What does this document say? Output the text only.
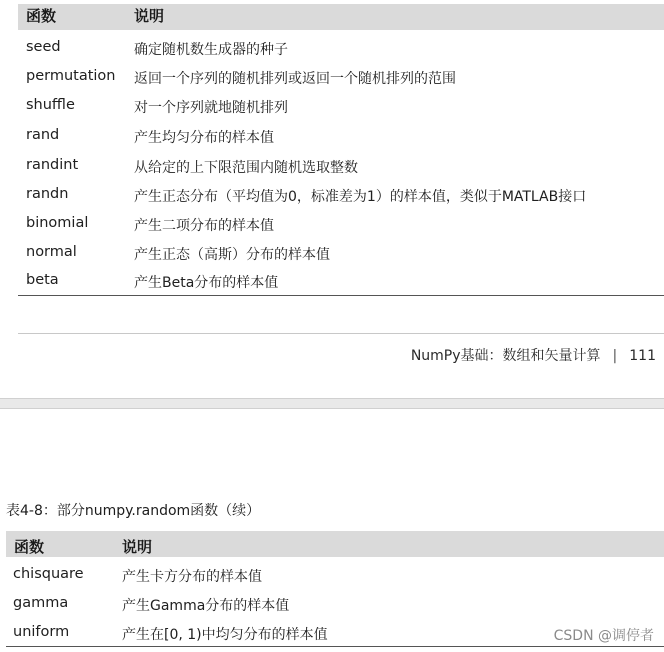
函数	说明
seed	确定随机数生成器的种子
permutation 返回一个序列的随机排列或返回一个随机排列的范围
shuffle	对一个序列就地随机排列
rand	产生均匀分布的样本值
randint	从给定的上下限范围内随机选取整数
randn	产生正态分布（平均值为0，标准差为1）的样本值，类似于MATLAB接口
binomial	产生二项分布的样本值
normal	产生正态（高斯）分布的样本值
beta	产生Beta分布的样本值
NumPy基础：数组和矢量计算 | 111
表4-8：部分numpy.random函数（续）
函数	说明
chisquare	产生卡方分布的样本值
gamma	产生Gamma分布的样本值
uniform	产生在[0, 1)中均匀分布的样本值	CSDN @调停者
